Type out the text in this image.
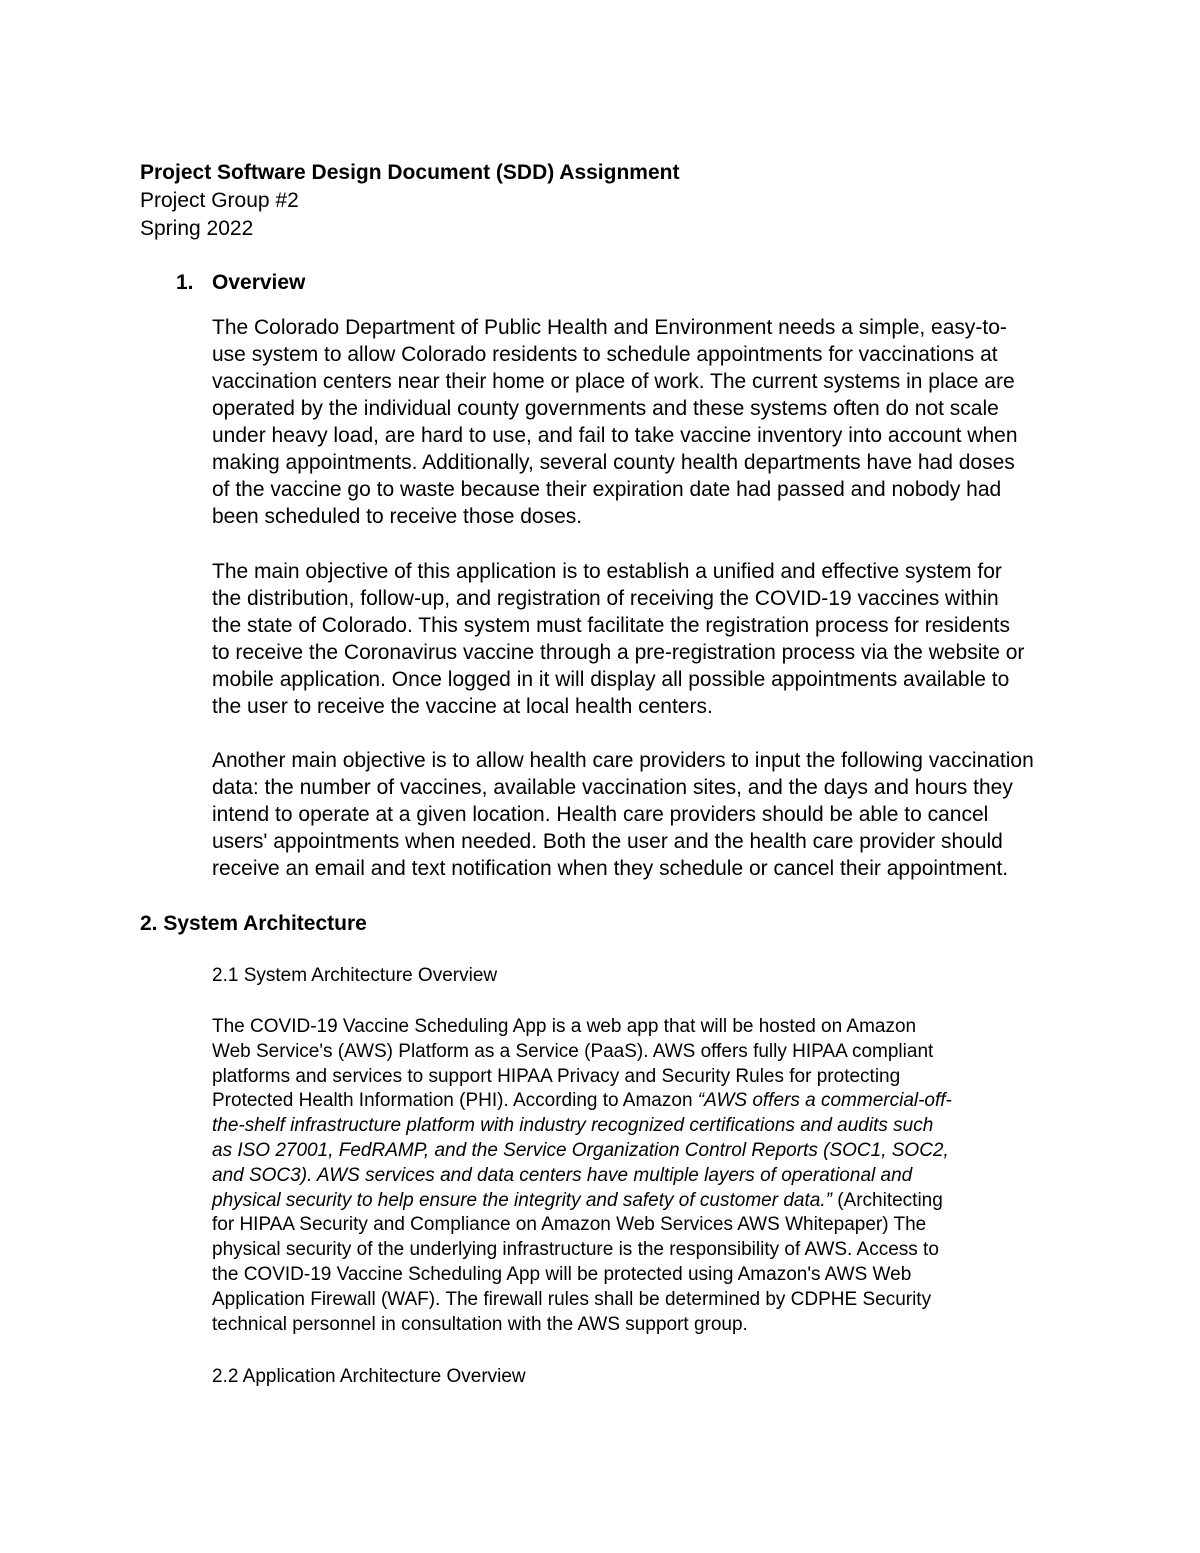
Project Software Design Document (SDD) Assignment

Project Group #2

Spring 2022

1. Overview

The Colorado Department of Public Health and Environment needs a simple, easy-to-
use system to allow Colorado residents to schedule appointments for vaccinations at
vaccination centers near their home or place of work. The current systems in place are
operated by the individual county governments and these systems often do not scale
under heavy load, are hard to use, and fail to take vaccine inventory into account when
making appointments. Additionally, several county health departments have had doses
of the vaccine go to waste because their expiration date had passed and nobody had
been scheduled to receive those doses.

The main objective of this application is to establish a unified and effective system for
the distribution, follow-up, and registration of receiving the COVID-19 vaccines within
the state of Colorado. This system must facilitate the registration process for residents
to receive the Coronavirus vaccine through a pre-registration process via the website or
mobile application. Once logged in it will display all possible appointments available to
the user to receive the vaccine at local health centers.

Another main objective is to allow health care providers to input the following vaccination
data: the number of vaccines, available vaccination sites, and the days and hours they
intend to operate at a given location. Health care providers should be able to cancel
users' appointments when needed. Both the user and the health care provider should
receive an email and text notification when they schedule or cancel their appointment.

2. System Architecture

2.1 System Architecture Overview

The COVID-19 Vaccine Scheduling App is a web app that will be hosted on Amazon
Web Service's (AWS) Platform as a Service (PaaS). AWS offers fully HIPAA compliant
platforms and services to support HIPAA Privacy and Security Rules for protecting
Protected Health Information (PHI). According to Amazon “AWS offers a commercial-off-
the-shelf infrastructure platform with industry recognized certifications and audits such
as ISO 27001, FedRAMP, and the Service Organization Control Reports (SOC1, SOC2,
and SOC3). AWS services and data centers have multiple layers of operational and
physical security to help ensure the integrity and safety of customer data.” (Architecting
for HIPAA Security and Compliance on Amazon Web Services AWS Whitepaper) The
physical security of the underlying infrastructure is the responsibility of AWS. Access to
the COVID-19 Vaccine Scheduling App will be protected using Amazon's AWS Web
Application Firewall (WAF). The firewall rules shall be determined by CDPHE Security
technical personnel in consultation with the AWS support group.

2.2 Application Architecture Overview
